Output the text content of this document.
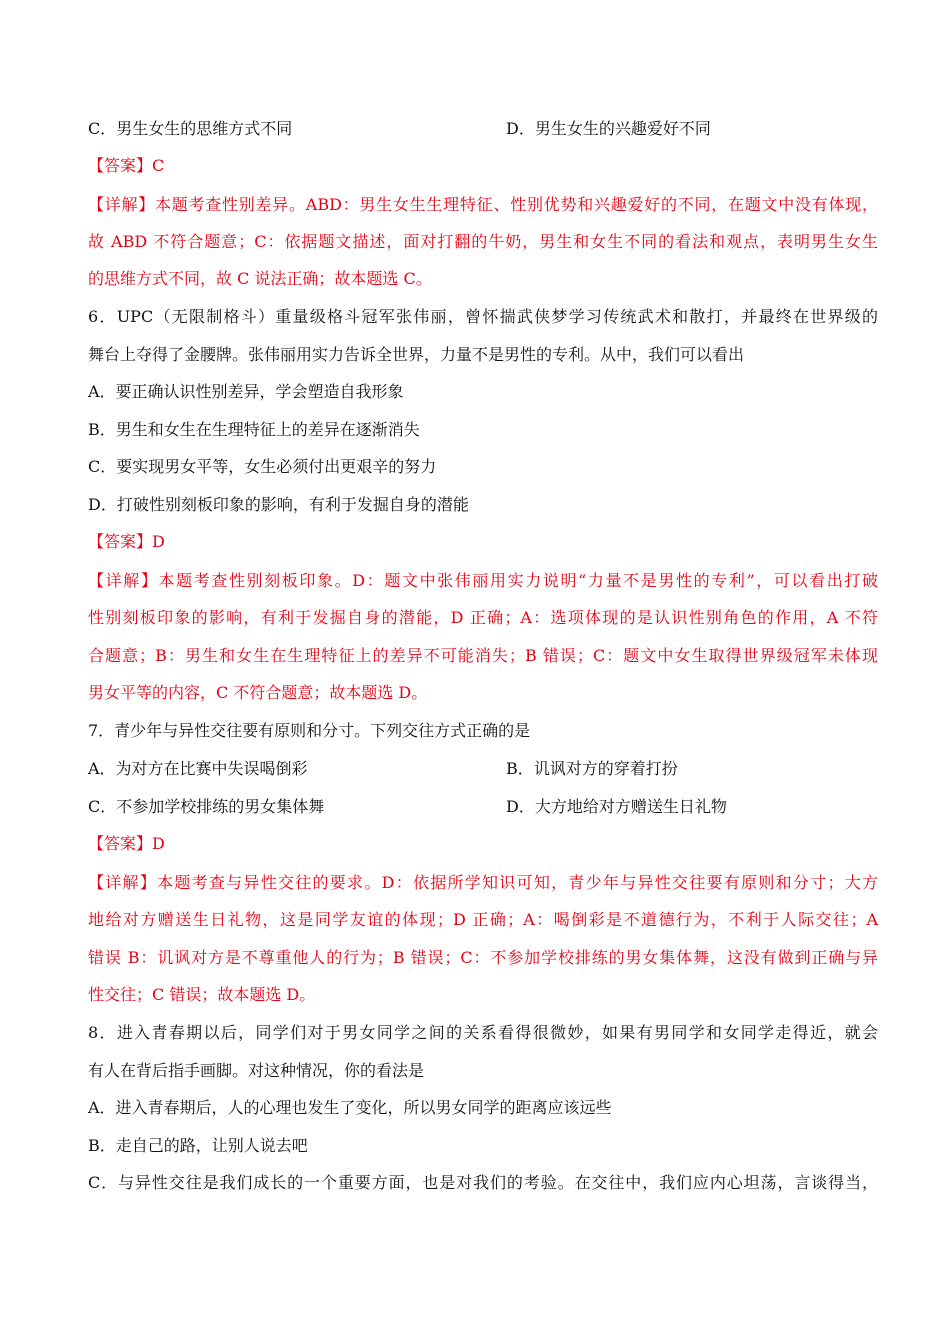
C．男生女生的思维方式不同	D．男生女生的兴趣爱好不同
【答案】C
【详解】本题考查性别差异。ABD：男生女生生理特征、性别优势和兴趣爱好的不同，在题文中没有体现，
故 ABD 不符合题意；C：依据题文描述，面对打翻的牛奶，男生和女生不同的看法和观点，表明男生女生
的思维方式不同，故 C 说法正确；故本题选 C。
6．UPC（无限制格斗）重量级格斗冠军张伟丽，曾怀揣武侠梦学习传统武术和散打，并最终在世界级的
舞台上夺得了金腰牌。张伟丽用实力告诉全世界，力量不是男性的专利。从中，我们可以看出
A．要正确认识性别差异，学会塑造自我形象
B．男生和女生在生理特征上的差异在逐渐消失
C．要实现男女平等，女生必须付出更艰辛的努力
D．打破性别刻板印象的影响，有利于发掘自身的潜能
【答案】D
【详解】本题考查性别刻板印象。D：题文中张伟丽用实力说明“力量不是男性的专利”，可以看出打破
性别刻板印象的影响，有利于发掘自身的潜能，D 正确；A：选项体现的是认识性别角色的作用，A 不符
合题意；B：男生和女生在生理特征上的差异不可能消失；B 错误；C：题文中女生取得世界级冠军未体现
男女平等的内容，C 不符合题意；故本题选 D。
7．青少年与异性交往要有原则和分寸。下列交往方式正确的是
A．为对方在比赛中失误喝倒彩	B．讥讽对方的穿着打扮
C．不参加学校排练的男女集体舞	D．大方地给对方赠送生日礼物
【答案】D
【详解】本题考查与异性交往的要求。D：依据所学知识可知，青少年与异性交往要有原则和分寸；大方
地给对方赠送生日礼物，这是同学友谊的体现；D 正确；A：喝倒彩是不道德行为，不利于人际交往；A
错误 B：讥讽对方是不尊重他人的行为；B 错误；C：不参加学校排练的男女集体舞，这没有做到正确与异
性交往；C 错误；故本题选 D。
8．进入青春期以后，同学们对于男女同学之间的关系看得很微妙，如果有男同学和女同学走得近，就会
有人在背后指手画脚。对这种情况，你的看法是
A．进入青春期后，人的心理也发生了变化，所以男女同学的距离应该远些
B．走自己的路，让别人说去吧
C．与异性交往是我们成长的一个重要方面，也是对我们的考验。在交往中，我们应内心坦荡，言谈得当，
